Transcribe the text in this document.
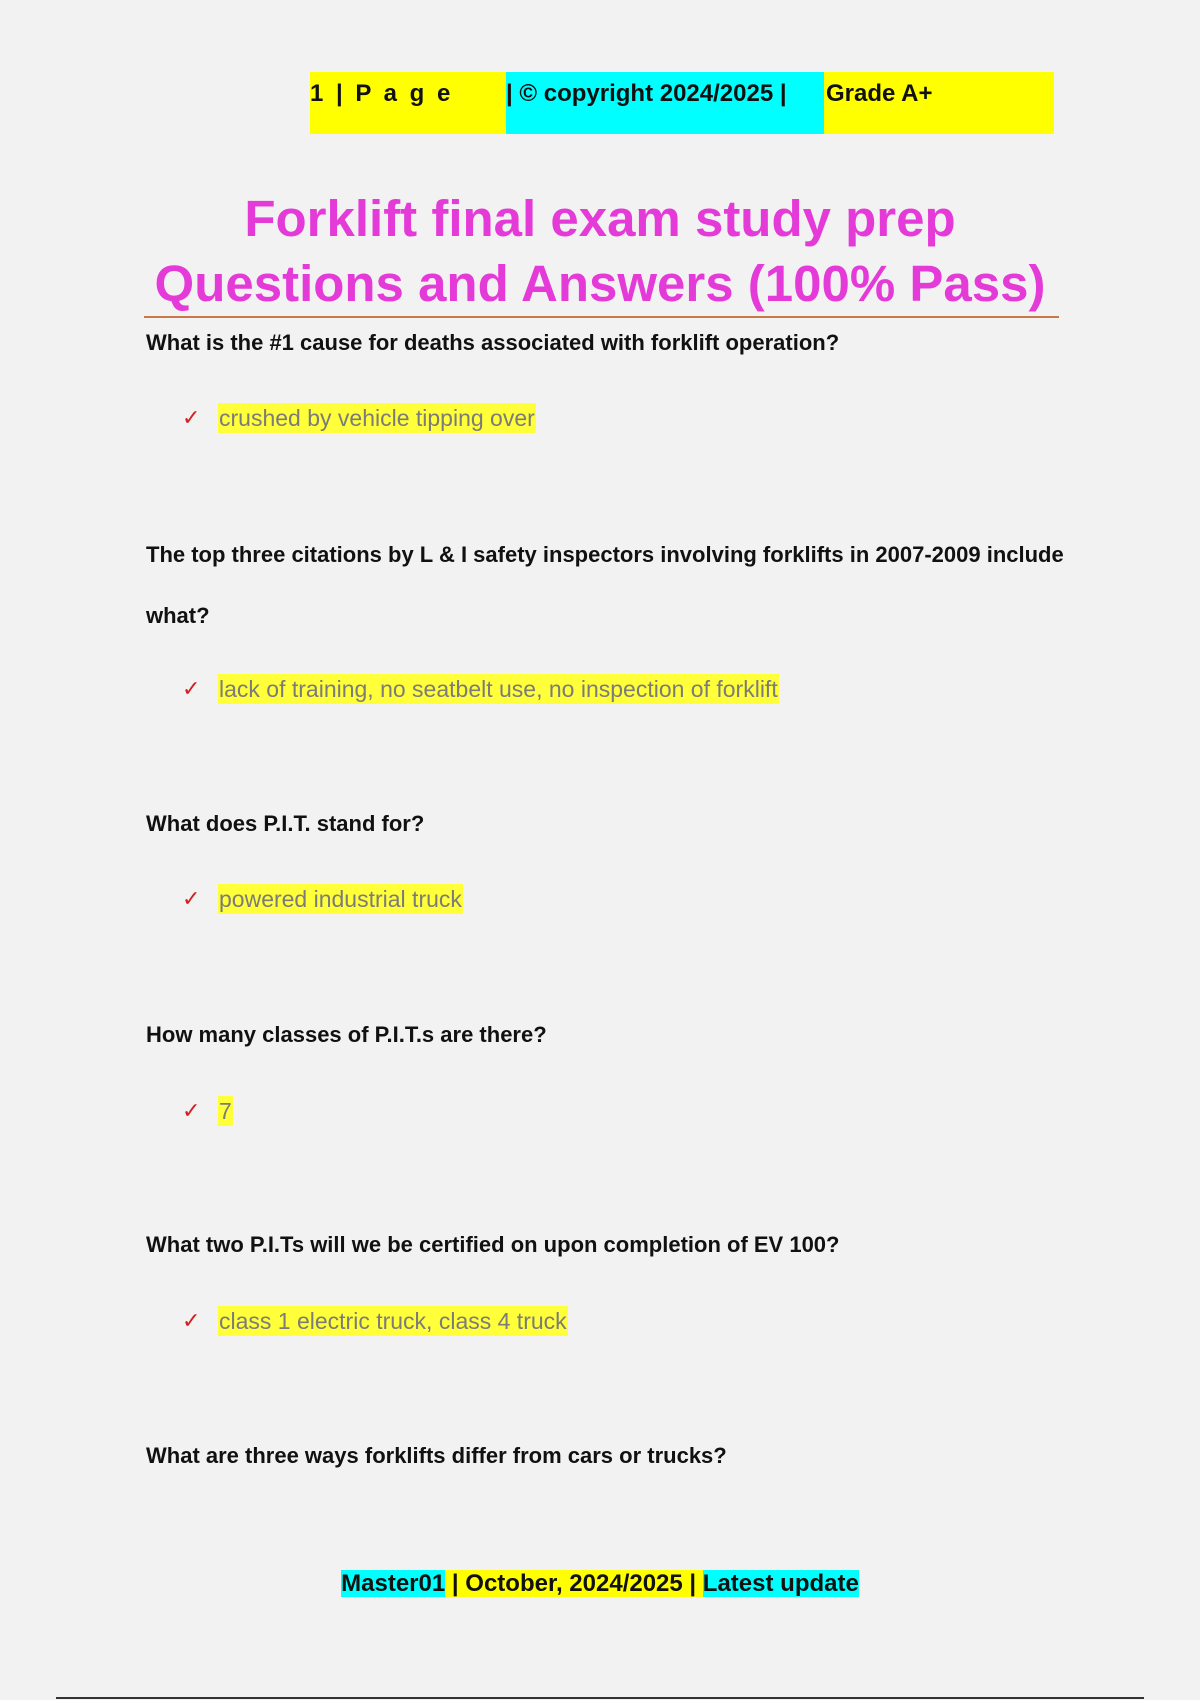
1 | P a g e	| © copyright 2024/2025 |	Grade A+
Forklift final exam study prep
Questions and Answers (100% Pass)

What is the #1 cause for deaths associated with forklift operation?

✓ crushed by vehicle tipping over

The top three citations by L & I safety inspectors involving forklifts in 2007-2009 include what?

✓ lack of training, no seatbelt use, no inspection of forklift

What does P.I.T. stand for?

✓ powered industrial truck

How many classes of P.I.T.s are there?

✓ 7

What two P.I.Ts will we be certified on upon completion of EV 100?

✓ class 1 electric truck, class 4 truck

What are three ways forklifts differ from cars or trucks?

Master01 | October, 2024/2025 | Latest update
